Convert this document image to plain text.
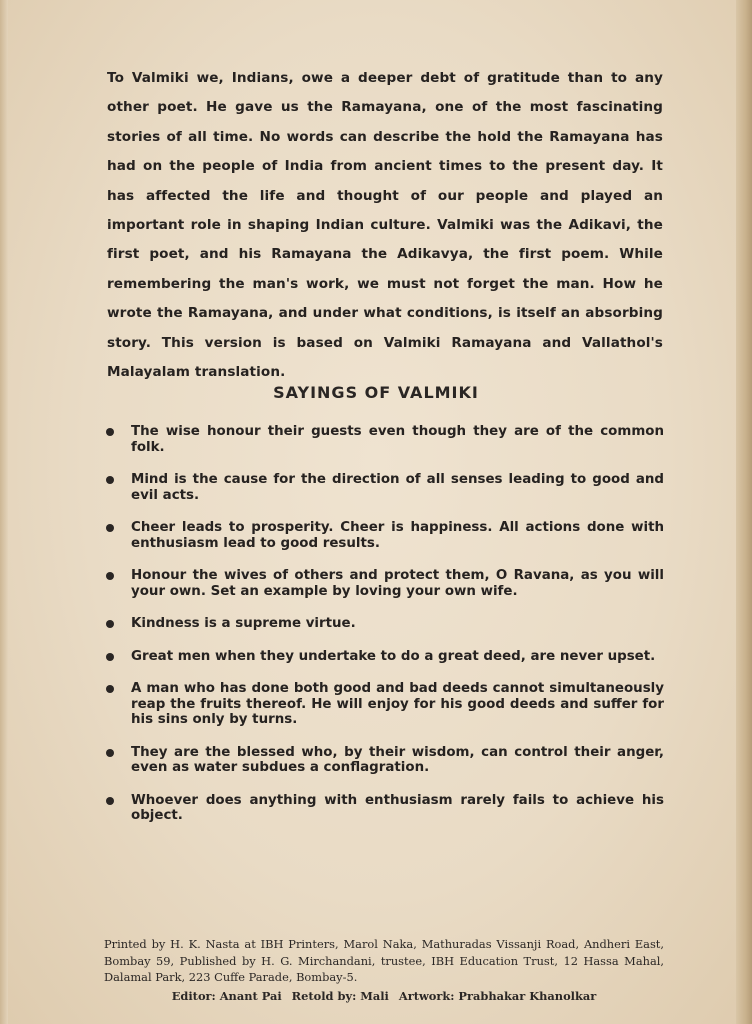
To Valmiki we, Indians, owe a deeper debt of gratitude than to any other poet. He gave us the Ramayana, one of the most fascinating stories of all time. No words can describe the hold the Ramayana has had on the people of India from ancient times to the present day. It has affected the life and thought of our people and played an important role in shaping Indian culture. Valmiki was the Adikavi, the first poet, and his Ramayana the Adikavya, the first poem. While remembering the man's work, we must not forget the man. How he wrote the Ramayana, and under what conditions, is itself an absorbing story. This version is based on Valmiki Ramayana and Vallathol's Malayalam translation.

SAYINGS OF VALMIKI
The wise honour their guests even though they are of the common folk.
Mind is the cause for the direction of all senses leading to good and evil acts.
Cheer leads to prosperity. Cheer is happiness. All actions done with enthusiasm lead to good results.
Honour the wives of others and protect them, O Ravana, as you will your own. Set an example by loving your own wife.
Kindness is a supreme virtue.
Great men when they undertake to do a great deed, are never upset.
A man who has done both good and bad deeds cannot simultaneously reap the fruits thereof. He will enjoy for his good deeds and suffer for his sins only by turns.
They are the blessed who, by their wisdom, can control their anger, even as water subdues a conflagration.
Whoever does anything with enthusiasm rarely fails to achieve his object.

Printed by H. K. Nasta at IBH Printers, Marol Naka, Mathuradas Vissanji Road, Andheri East, Bombay 59, Published by H. G. Mirchandani, trustee, IBH Education Trust, 12 Hassa Mahal, Dalamal Park, 223 Cuffe Parade, Bombay-5.

Editor: Anant Pai Retold by: Mali Artwork: Prabhakar Khanolkar
